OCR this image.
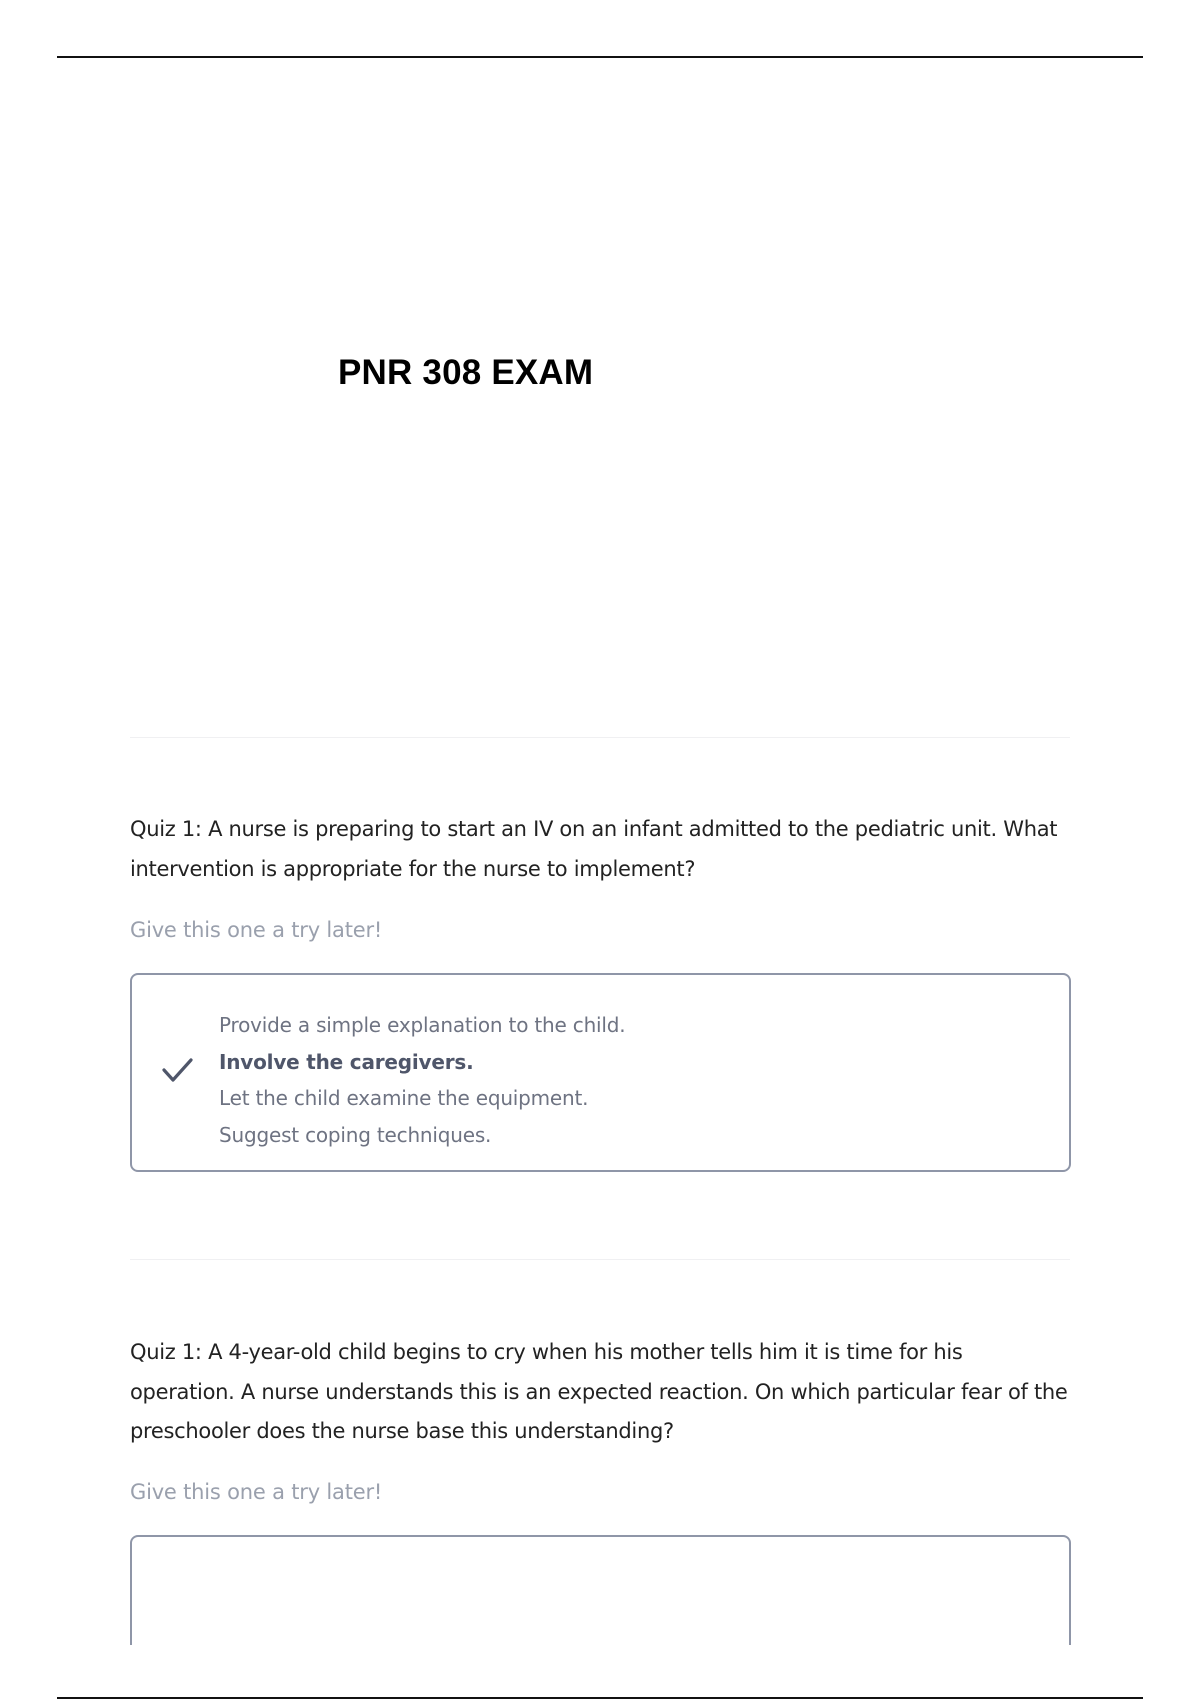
PNR 308 EXAM

Quiz 1: A nurse is preparing to start an IV on an infant admitted to the pediatric unit. What intervention is appropriate for the nurse to implement?

Give this one a try later!

Provide a simple explanation to the child.
Involve the caregivers.
Let the child examine the equipment.
Suggest coping techniques.

Quiz 1: A 4-year-old child begins to cry when his mother tells him it is time for his operation. A nurse understands this is an expected reaction. On which particular fear of the preschooler does the nurse base this understanding?

Give this one a try later!
